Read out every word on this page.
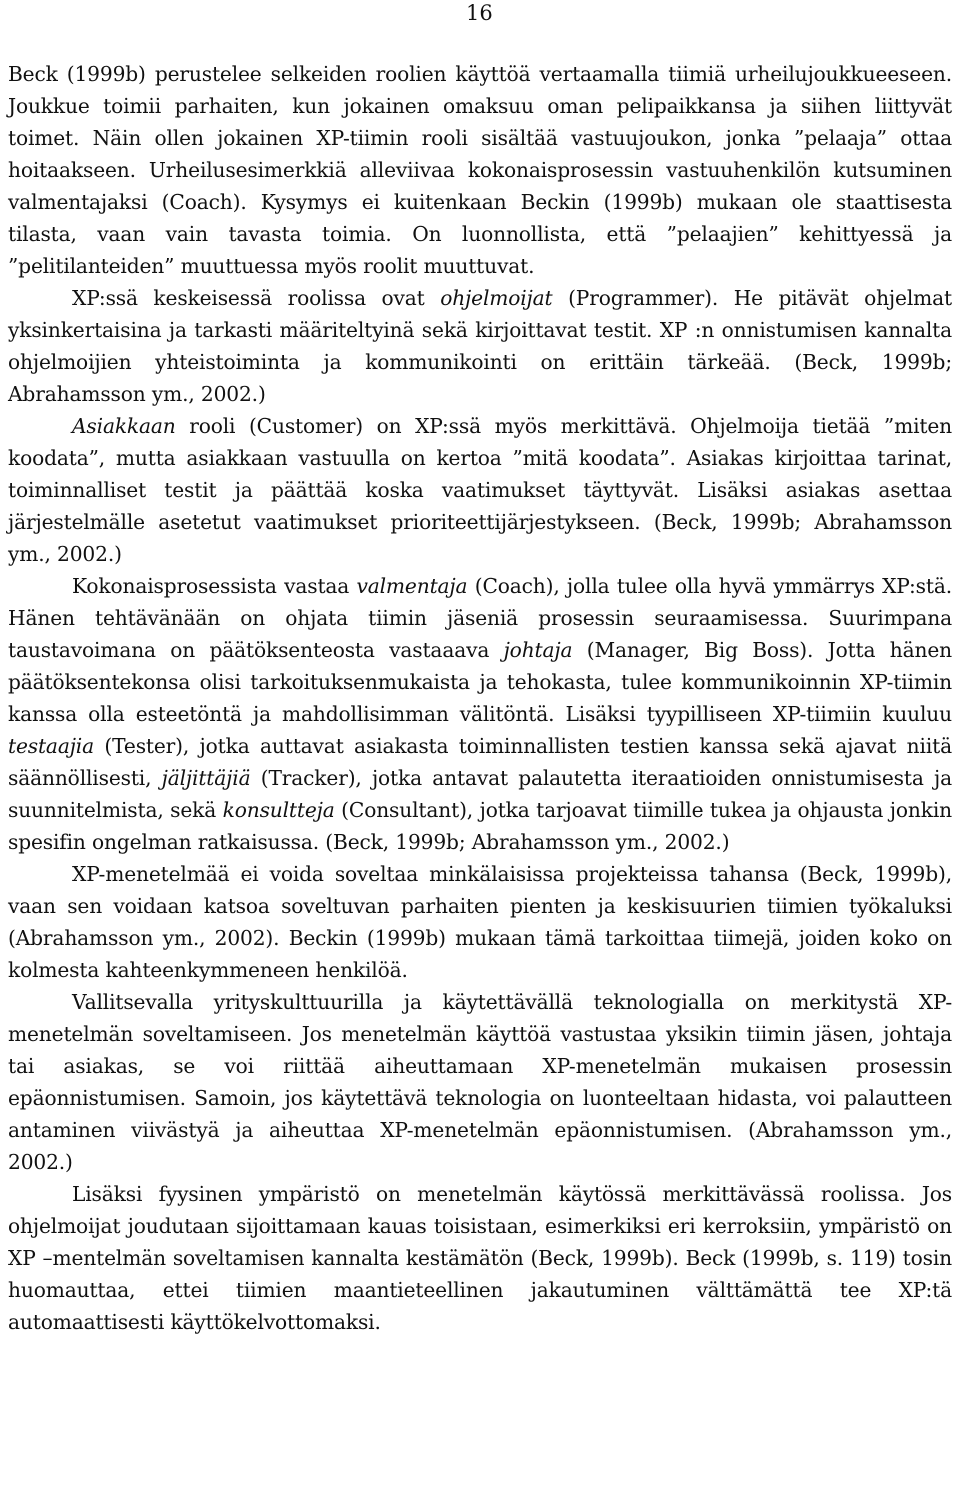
16

Beck (1999b) perustelee selkeiden roolien käyttöä vertaamalla tiimiä urheilujoukkueeseen. Joukkue toimii parhaiten, kun jokainen omaksuu oman pelipaikkansa ja siihen liittyvät toimet. Näin ollen jokainen XP-tiimin rooli sisältää vastuujoukon, jonka ”pelaaja” ottaa hoitaakseen. Urheilusesimerkkiä alleviivaa kokonaisprosessin vastuuhenkilön kutsuminen valmentajaksi (Coach). Kysymys ei kuitenkaan Beckin (1999b) mukaan ole staattisesta tilasta, vaan vain tavasta toimia. On luonnollista, että ”pelaajien” kehittyessä ja ”pelitilanteiden” muuttuessa myös roolit muuttuvat.

XP:ssä keskeisessä roolissa ovat ohjelmoijat (Programmer). He pitävät ohjelmat yksinkertaisina ja tarkasti määriteltyinä sekä kirjoittavat testit. XP :n onnistumisen kannalta ohjelmoijien yhteistoiminta ja kommunikointi on erittäin tärkeää. (Beck, 1999b; Abrahamsson ym., 2002.)

Asiakkaan rooli (Customer) on XP:ssä myös merkittävä. Ohjelmoija tietää ”miten koodata”, mutta asiakkaan vastuulla on kertoa ”mitä koodata”. Asiakas kirjoittaa tarinat, toiminnalliset testit ja päättää koska vaatimukset täyttyvät. Lisäksi asiakas asettaa järjestelmälle asetetut vaatimukset prioriteettijärjestykseen. (Beck, 1999b; Abrahamsson ym., 2002.)

Kokonaisprosessista vastaa valmentaja (Coach), jolla tulee olla hyvä ymmärrys XP:stä. Hänen tehtävänään on ohjata tiimin jäseniä prosessin seuraamisessa. Suurimpana taustavoimana on päätöksenteosta vastaaava johtaja (Manager, Big Boss). Jotta hänen päätöksentekonsa olisi tarkoituksenmukaista ja tehokasta, tulee kommunikoinnin XP-tiimin kanssa olla esteetöntä ja mahdollisimman välitöntä. Lisäksi tyypilliseen XP-tiimiin kuuluu testaajia (Tester), jotka auttavat asiakasta toiminnallisten testien kanssa sekä ajavat niitä säännöllisesti, jäljittäjiä (Tracker), jotka antavat palautetta iteraatioiden onnistumisesta ja suunnitelmista, sekä konsultteja (Consultant), jotka tarjoavat tiimille tukea ja ohjausta jonkin spesifin ongelman ratkaisussa. (Beck, 1999b; Abrahamsson ym., 2002.)

XP-menetelmää ei voida soveltaa minkälaisissa projekteissa tahansa (Beck, 1999b), vaan sen voidaan katsoa soveltuvan parhaiten pienten ja keskisuurien tiimien työkaluksi (Abrahamsson ym., 2002). Beckin (1999b) mukaan tämä tarkoittaa tiimejä, joiden koko on kolmesta kahteenkymmeneen henkilöä.

Vallitsevalla yrityskulttuurilla ja käytettävällä teknologialla on merkitystä XP-menetelmän soveltamiseen. Jos menetelmän käyttöä vastustaa yksikin tiimin jäsen, johtaja tai asiakas, se voi riittää aiheuttamaan XP-menetelmän mukaisen prosessin epäonnistumisen. Samoin, jos käytettävä teknologia on luonteeltaan hidasta, voi palautteen antaminen viivästyä ja aiheuttaa XP-menetelmän epäonnistumisen. (Abrahamsson ym., 2002.)

Lisäksi fyysinen ympäristö on menetelmän käytössä merkittävässä roolissa. Jos ohjelmoijat joudutaan sijoittamaan kauas toisistaan, esimerkiksi eri kerroksiin, ympäristö on XP –mentelmän soveltamisen kannalta kestämätön (Beck, 1999b). Beck (1999b, s. 119) tosin huomauttaa, ettei tiimien maantieteellinen jakautuminen välttämättä tee XP:tä automaattisesti käyttökelvottomaksi.
